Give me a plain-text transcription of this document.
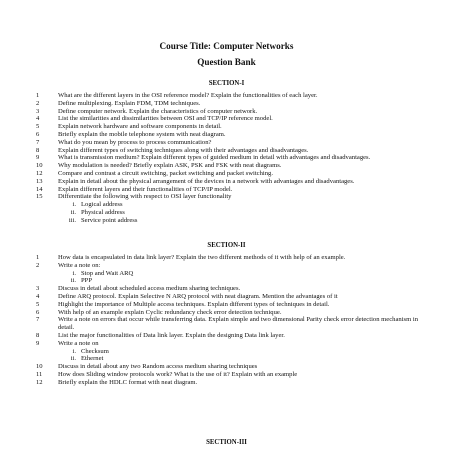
Course Title: Computer Networks
Question Bank
SECTION-I
1	What are the different layers in the OSI reference model? Explain the functionalities of each layer.
2	Define multiplexing. Explain FDM, TDM techniques.
3	Define computer network. Explain the characteristics of computer network.
4	List the similarities and dissimilarities between OSI and TCP/IP reference model.
5	Explain network hardware and software components in detail.
6	Briefly explain the mobile telephone system with neat diagram.
7	What do you mean by process to process communication?
8	Explain different types of switching techniques along with their advantages and disadvantages.
9	What is transmission medium? Explain different types of guided medium in detail with advantages and disadvantages.
10 Why modulation is needed? Briefly explain ASK, PSK and FSK with neat diagrams.
12 Compare and contrast a circuit switching, packet switching and packet switching.
13 Explain in detail about the physical arrangement of the devices in a network with advantages and disadvantages.
14 Explain different layers and their functionalities of TCP/IP model.
15 Differentiate the following with respect to OSI layer functionality
i. Logical address
ii. Physical address
iii. Service point address
SECTION-II
1	How data is encapsulated in data link layer? Explain the two different methods of it with help of an example.
2	Write a note on:
i. Stop and Wait ARQ
ii. PPP
3	Discuss in detail about scheduled access medium sharing techniques.
4	Define ARQ protocol. Explain Selective N ARQ protocol with neat diagram. Mention the advantages of it
5	Highlight the importance of Multiple access techniques. Explain different types of techniques in detail.
6	With help of an example explain Cyclic redundancy check error detection technique.
7	Write a note on errors that occur while transferring data. Explain simple and two dimensional Parity check error detection mechanism in detail.
8	List the major functionalities of Data link layer. Explain the designing Data link layer.
9	Write a note on
i. Checksum
ii. Ethernet
10 Discuss in detail about any two Random access medium sharing techniques
11 How does Sliding window protocols work? What is the use of it? Explain with an example
12 Briefly explain the HDLC format with neat diagram.
SECTION-III
